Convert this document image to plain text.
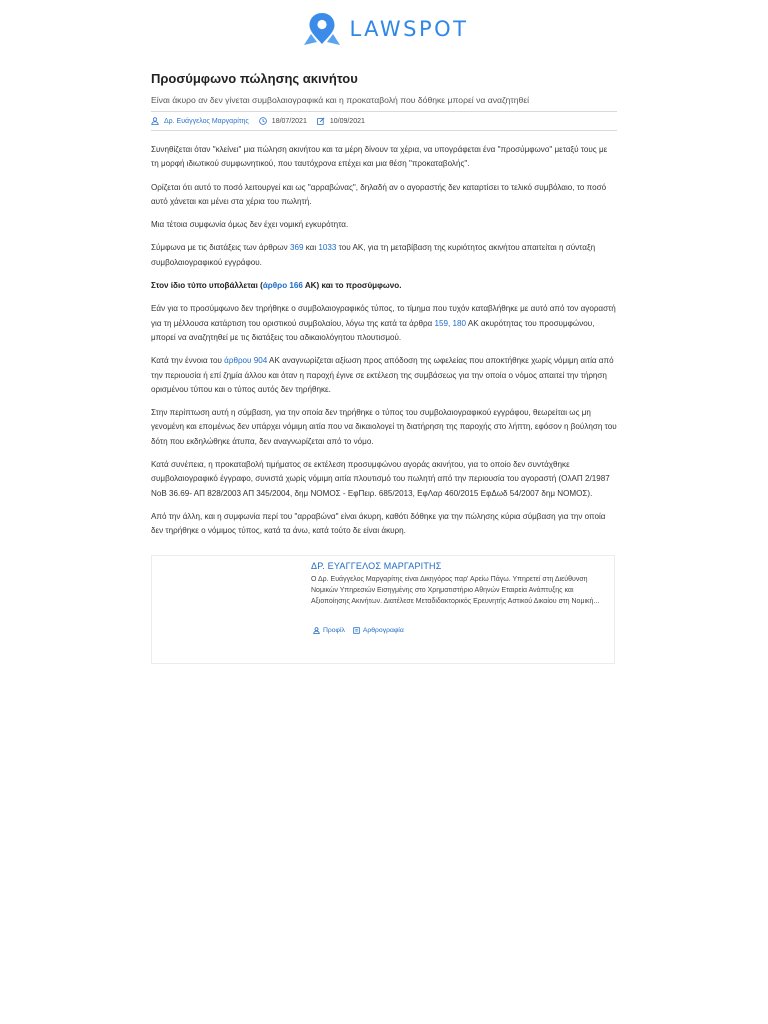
LAWSPOT
Προσύμφωνο πώλησης ακινήτου
Είναι άκυρο αν δεν γίνεται συμβολαιογραφικά και η προκαταβολή που δόθηκε μπορεί να αναζητηθεί
Δρ. Ευάγγελος Μαργαρίτης	18/07/2021	10/09/2021

Συνηθίζεται όταν "κλείνει" μια πώληση ακινήτου και τα μέρη δίνουν τα χέρια, να υπογράφεται ένα "προσύμφωνο" μεταξύ τους με τη μορφή ιδιωτικού συμφωνητικού, που ταυτόχρονα επέχει και μια θέση "προκαταβολής".

Ορίζεται ότι αυτό το ποσό λειτουργεί και ως "αρραβώνας", δηλαδή αν ο αγοραστής δεν καταρτίσει το τελικό συμβόλαιο, το ποσό αυτό χάνεται και μένει στα χέρια του πωλητή.

Μια τέτοια συμφωνία όμως δεν έχει νομική εγκυρότητα.

Σύμφωνα με τις διατάξεις των άρθρων 369 και 1033 του ΑΚ, για τη μεταβίβαση της κυριότητος ακινήτου απαιτείται η σύνταξη συμβολαιογραφικού εγγράφου.

Στον ίδιο τύπο υποβάλλεται (άρθρο 166 ΑΚ) και το προσύμφωνο.

Εάν για το προσύμφωνο δεν τηρήθηκε ο συμβολαιογραφικός τύπος, το τίμημα που τυχόν καταβλήθηκε με αυτό από τον αγοραστή για τη μέλλουσα κατάρτιση του οριστικού συμβολαίου, λόγω της κατά τα άρθρα 159, 180 ΑΚ ακυρότητας του προσυμφώνου, μπορεί να αναζητηθεί με τις διατάξεις του αδικαιολόγητου πλουτισμού.

Κατά την έννοια του άρθρου 904 ΑΚ αναγνωρίζεται αξίωση προς απόδοση της ωφελείας που αποκτήθηκε χωρίς νόμιμη αιτία από την περιουσία ή επί ζημία άλλου και όταν η παροχή έγινε σε εκτέλεση της συμβάσεως για την οποία ο νόμος απαιτεί την τήρηση ορισμένου τύπου και ο τύπος αυτός δεν τηρήθηκε.

Στην περίπτωση αυτή η σύμβαση, για την οποία δεν τηρήθηκε ο τύπος του συμβολαιογραφικού εγγράφου, θεωρείται ως μη γενομένη και επομένως δεν υπάρχει νόμιμη αιτία που να δικαιολογεί τη διατήρηση της παροχής στο λήπτη, εφόσον η βούληση του δότη που εκδηλώθηκε άτυπα, δεν αναγνωρίζεται από το νόμο.

Κατά συνέπεια, η προκαταβολή τιμήματος σε εκτέλεση προσυμφώνου αγοράς ακινήτου, για το οποίο δεν συντάχθηκε συμβολαιογραφικό έγγραφο, συνιστά χωρίς νόμιμη αιτία πλουτισμό του πωλητή από την περιουσία του αγοραστή (ΟλΑΠ 2/1987 ΝοΒ 36.69- ΑΠ 828/2003 ΑΠ 345/2004, δημ ΝΟΜΟΣ - ΕφΠειρ. 685/2013, ΕφΛαρ 460/2015 ΕφΔωδ 54/2007 δημ ΝΟΜΟΣ).

Από την άλλη, και η συμφωνία περί του "αρραβώνα" είναι άκυρη, καθότι δόθηκε για την πώλησης κύρια σύμβαση για την οποία δεν τηρήθηκε ο νόμιμος τύπος, κατά τα άνω, κατά τούτο δε είναι άκυρη.

ΔΡ. ΕΥΑΓΓΕΛΟΣ ΜΑΡΓΑΡΙΤΗΣ
Ο Δρ. Ευάγγελος Μαργαρίτης είναι Δικηγόρος παρ' Αρείω Πάγω. Υπηρετεί στη Διεύθυνση Νομικών Υπηρεσιών Εισηγμένης στο Χρηματιστήριο Αθηνών Εταιρεία Ανάπτυξης και Αξιοποίησης Ακινήτων. Διατέλεσε Μεταδιδακτορικός Ερευνητής Αστικού Δικαίου στη Νομική...
Προφίλ	Αρθρογραφία
